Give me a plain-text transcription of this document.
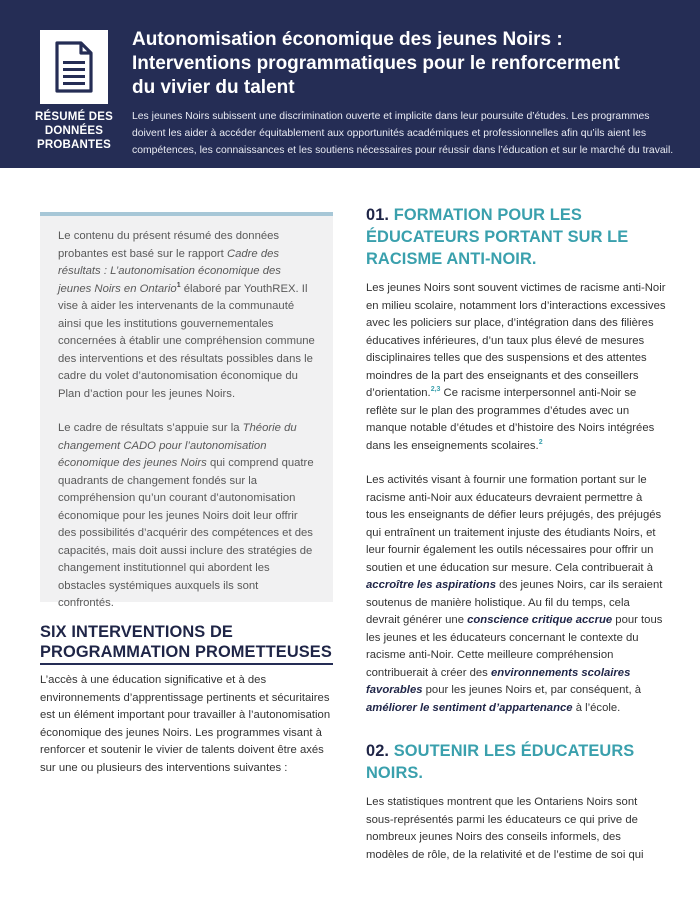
RÉSUMÉ DES
DONNÉES
PROBANTES
Autonomisation économique des jeunes Noirs :
Interventions programmatiques pour le renforcerment
du vivier du talent
Les jeunes Noirs subissent une discrimination ouverte et implicite dans leur poursuite d’études. Les programmes doivent les aider à accéder équitablement aux opportunités académiques et professionnelles afin qu’ils aient les compétences, les connaissances et les soutiens nécessaires pour réussir dans l’éducation et sur le marché du travail.

Le contenu du présent résumé des données probantes est basé sur le rapport Cadre des résultats : L’autonomisation économique des jeunes Noirs en Ontario$^1$ élaboré par YouthREX. Il vise à aider les intervenants de la communauté ainsi que les institutions gouvernementales concernées à établir une compréhension commune des interventions et des résultats possibles dans le cadre du volet d’autonomisation économique du Plan d’action pour les jeunes Noirs.

Le cadre de résultats s’appuie sur la Théorie du changement CADO pour l’autonomisation économique des jeunes Noirs qui comprend quatre quadrants de changement fondés sur la compréhension qu’un courant d’autonomisation économique pour les jeunes Noirs doit leur offrir des possibilités d’acquérir des compétences et des capacités, mais doit aussi inclure des stratégies de changement institutionnel qui abordent les obstacles systémiques auxquels ils sont confrontés.

SIX INTERVENTIONS DE
PROGRAMMATION PROMETTEUSES
L’accès à une éducation significative et à des environnements d’apprentissage pertinents et sécuritaires est un élément important pour travailler à l’autonomisation économique des jeunes Noirs. Les programmes visant à renforcer et soutenir le vivier de talents doivent être axés sur une ou plusieurs des interventions suivantes :
01. FORMATION POUR LES
ÉDUCATEURS PORTANT SUR LE
RACISME ANTI-NOIR.

Les jeunes Noirs sont souvent victimes de racisme anti-Noir en milieu scolaire, notamment lors d’interactions excessives avec les policiers sur place, d’intégration dans des filières éducatives inférieures, d’un taux plus élevé de mesures disciplinaires telles que des suspensions et des attentes moindres de la part des enseignants et des conseillers d’orientation.$^{2,3}$ Ce racisme interpersonnel anti-Noir se reflète sur le plan des programmes d’études avec un manque notable d’études et d’histoire des Noirs intégrées dans les enseignements scolaires.$^2$

Les activités visant à fournir une formation portant sur le racisme anti-Noir aux éducateurs devraient permettre à tous les enseignants de défier leurs préjugés, des préjugés qui entraînent un traitement injuste des étudiants Noirs, et leur fournir également les outils nécessaires pour offrir un soutien et une éducation sur mesure. Cela contribuerait à accroître les aspirations des jeunes Noirs, car ils seraient soutenus de manière holistique. Au fil du temps, cela devrait générer une conscience critique accrue pour tous les jeunes et les éducateurs concernant le contexte du racisme anti-Noir. Cette meilleure compréhension contribuerait à créer des environnements scolaires favorables pour les jeunes Noirs et, par conséquent, à améliorer le sentiment d’appartenance à l’école.

02. SOUTENIR LES ÉDUCATEURS
NOIRS.

Les statistiques montrent que les Ontariens Noirs sont sous-représentés parmi les éducateurs ce qui prive de nombreux jeunes Noirs des conseils informels, des modèles de rôle, de la relativité et de l’estime de soi qui
